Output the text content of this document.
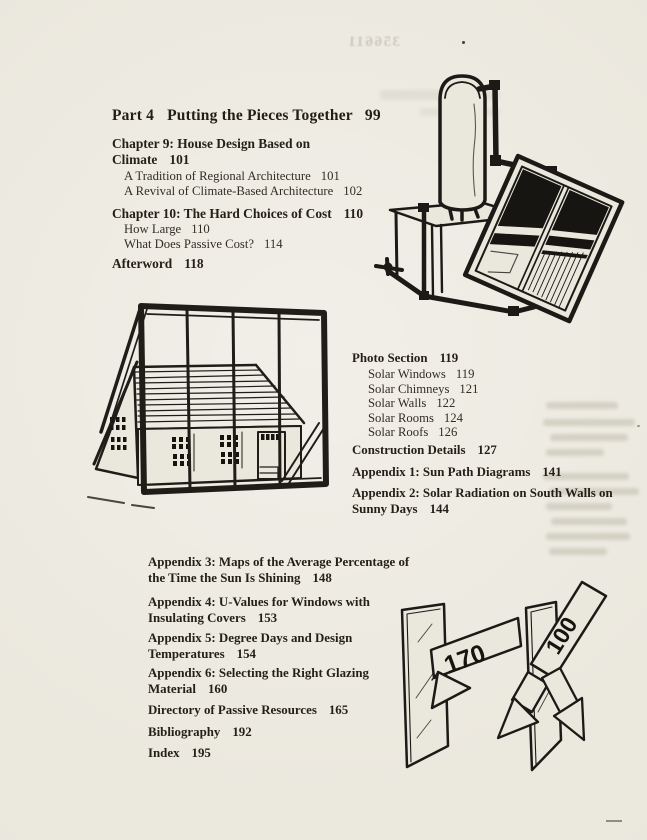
356611
Part 4 Putting the Pieces Together 99
Chapter 9: House Design Based on Climate 101
A Tradition of Regional Architecture 101
A Revival of Climate-Based Architecture 102
Chapter 10: The Hard Choices of Cost 110
How Large 110
What Does Passive Cost? 114
Afterword 118
Photo Section 119
Solar Windows 119
Solar Chimneys 121
Solar Walls 122
Solar Rooms 124
Solar Roofs 126
Construction Details 127
Appendix 1: Sun Path Diagrams 141
Appendix 2: Solar Radiation on South Walls on Sunny Days 144
Appendix 3: Maps of the Average Percentage of the Time the Sun Is Shining 148
Appendix 4: U-Values for Windows with Insulating Covers 153
Appendix 5: Degree Days and Design Temperatures 154
Appendix 6: Selecting the Right Glazing Material 160
Directory of Passive Resources 165
Bibliography 192
Index 195
170
100
